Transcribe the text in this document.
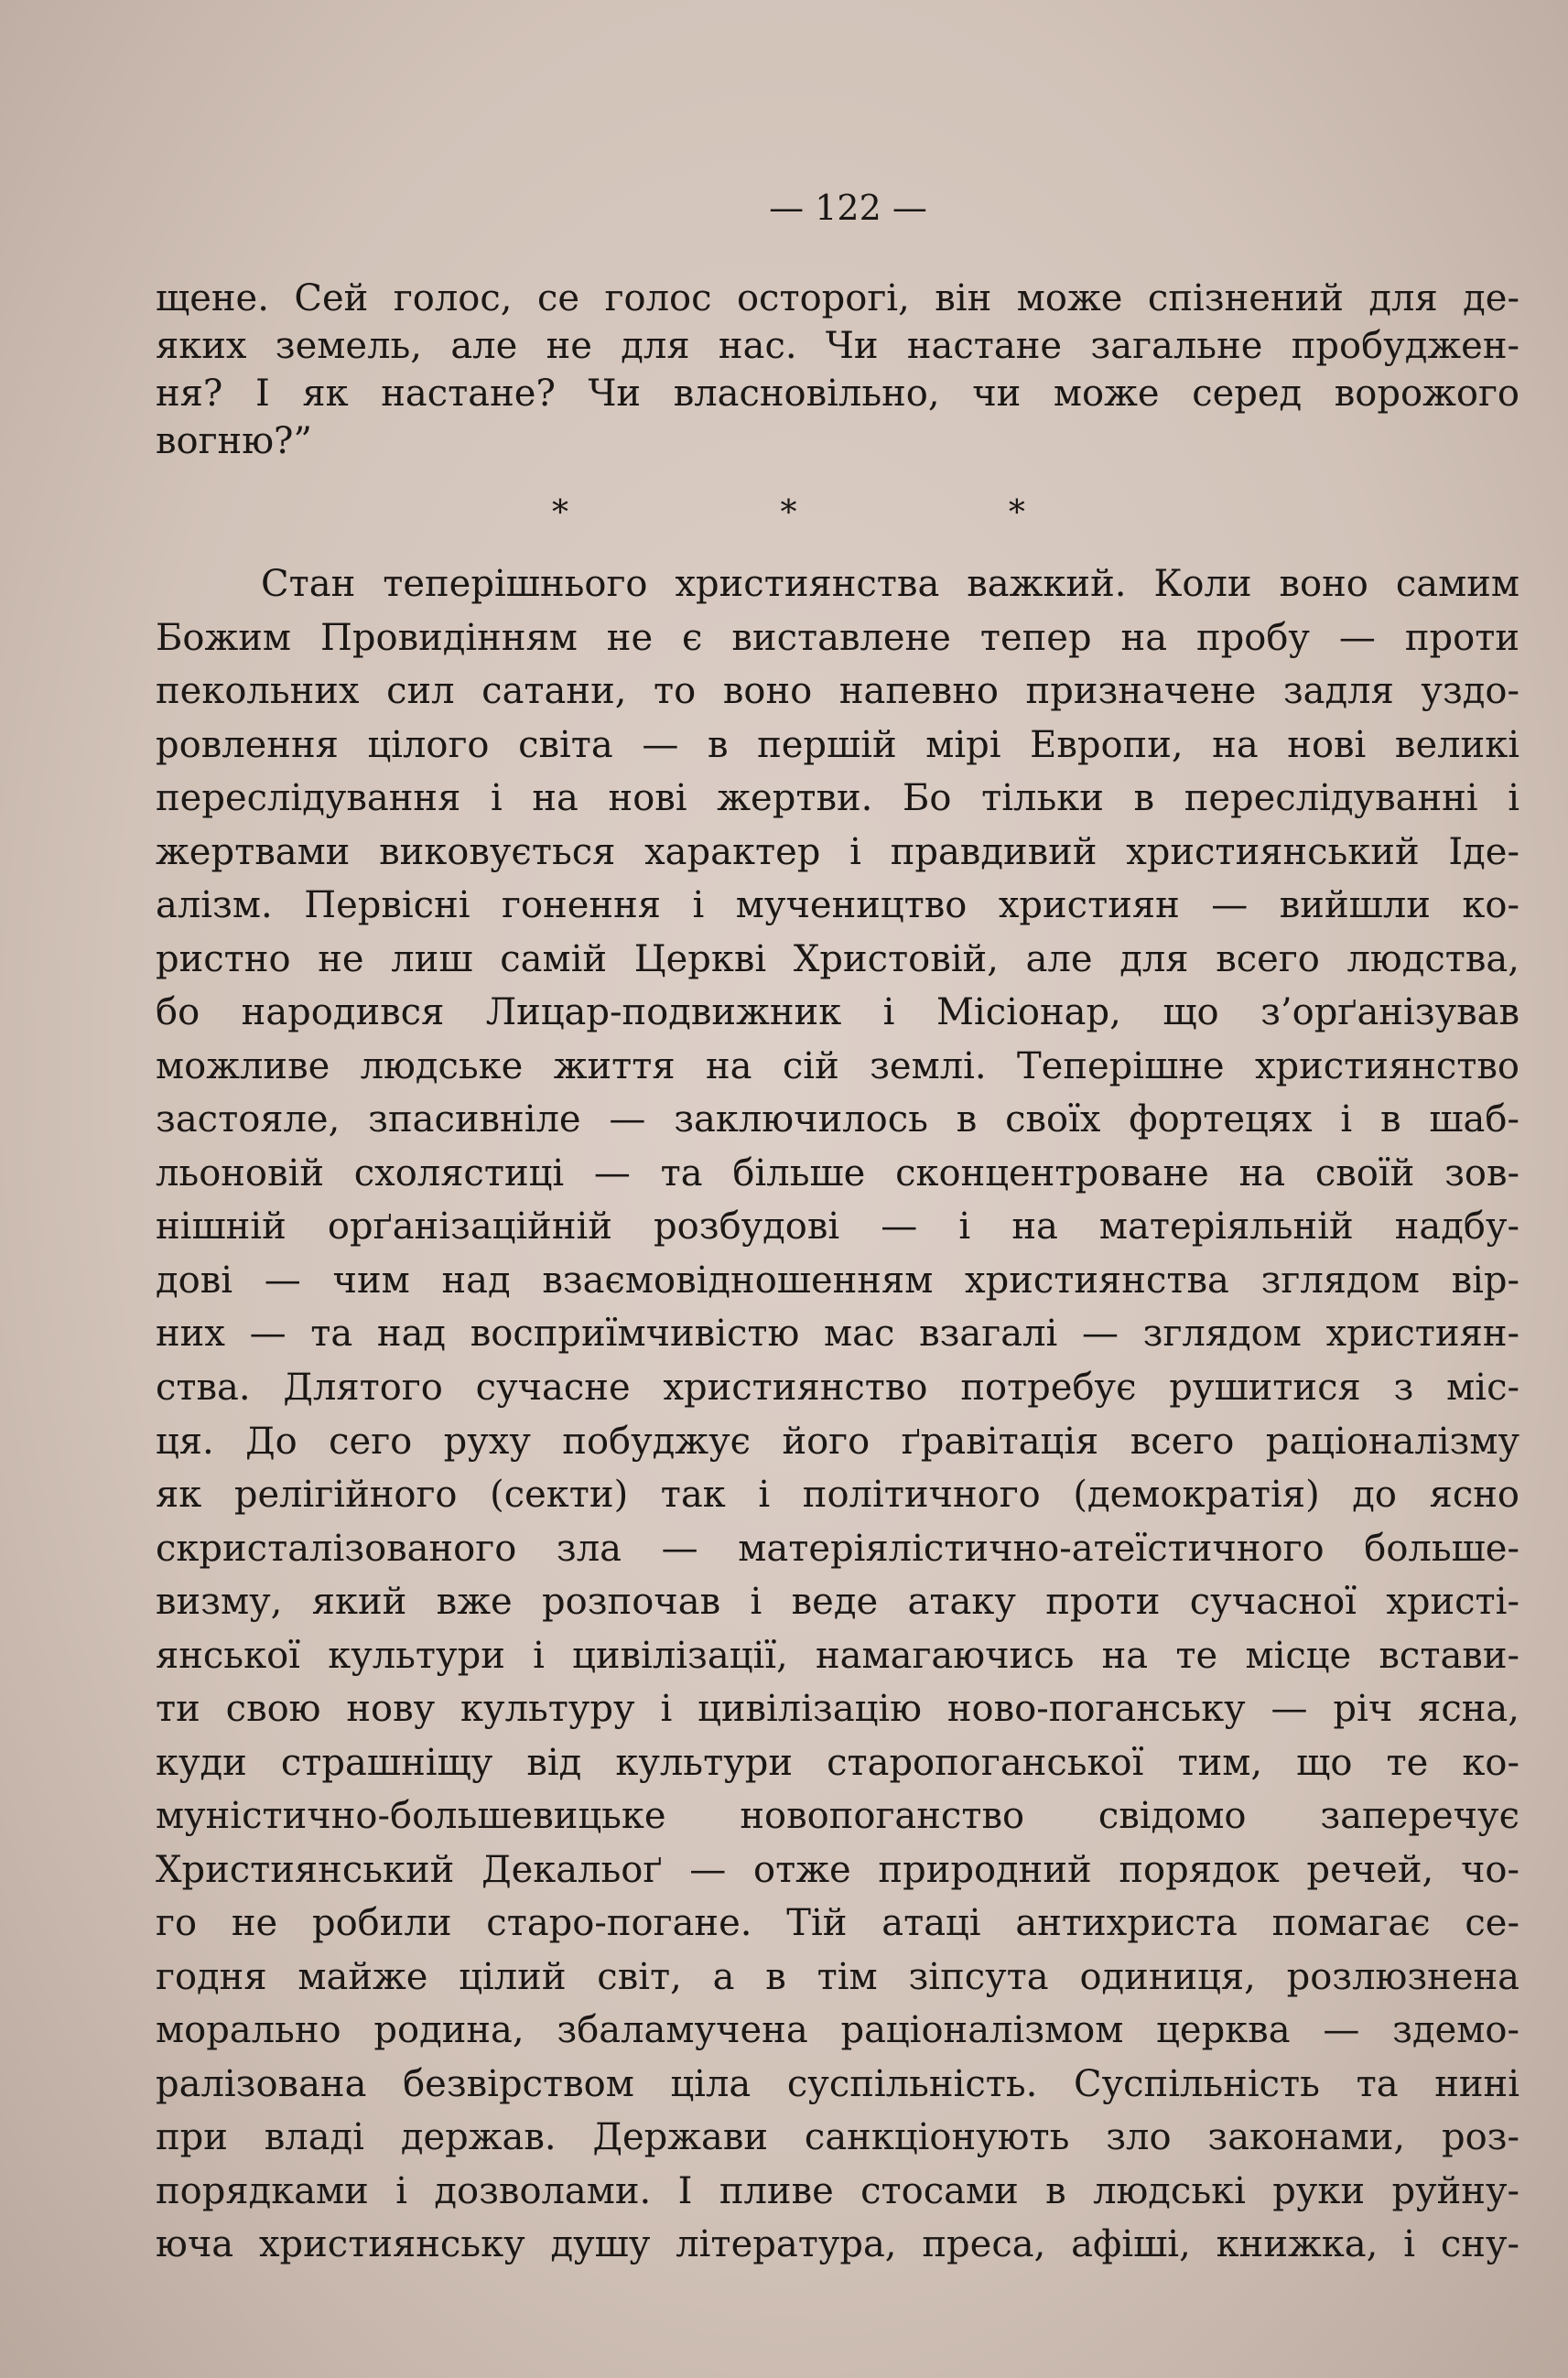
— 122 —
щене. Сей голос, се голос осторогі, він може спізнений для де-
яких земель, але не для нас. Чи настане загальне пробуджен-
ня? І як настане? Чи власновільно, чи може серед ворожого
вогню?”
* * *
Стан теперішнього християнства важкий. Коли воно самим
Божим Провидінням не є виставлене тепер на пробу — проти
пекольних сил сатани, то воно напевно призначене задля уздо-
ровлення цілого світа — в першій мірі Европи, на нові великі
переслідування і на нові жертви. Бо тільки в переслідуванні і
жертвами виковується характер і правдивий християнський Іде-
алізм. Первісні гонення і мучеництво християн — вийшли ко-
ристно не лиш самій Церкві Христовій, але для всего людства,
бо народився Лицар-подвижник і Місіонар, що з’орґанізував
можливе людське життя на сій землі. Теперішне християнство
застояле, зпасивніле — заключилось в своїх фортецях і в шаб-
льоновій схолястиці — та більше сконцентроване на своїй зов-
нішній орґанізаційній розбудові — і на матеріяльній надбу-
дові — чим над взаємовідношенням християнства зглядом вір-
них — та над восприїмчивістю мас взагалі — зглядом християн-
ства. Длятого сучасне християнство потребує рушитися з міс-
ця. До сего руху побуджує його ґравітація всего раціоналізму
як релігійного (секти) так і політичного (демократія) до ясно
скристалізованого зла — матеріялістично-атеїстичного больше-
визму, який вже розпочав і веде атаку проти сучасної христі-
янської культури і цивілізації, намагаючись на те місце встави-
ти свою нову культуру і цивілізацію ново-поганську — річ ясна,
куди страшніщу від культури старопоганської тим, що те ко-
муністично-большевицьке новопоганство свідомо заперечує
Християнський Декальоґ — отже природний порядок речей, чо-
го не робили старо-погане. Тій атаці антихриста помагає се-
годня майже цілий світ, а в тім зіпсута одиниця, розлюзнена
морально родина, збаламучена раціоналізмом церква — здемо-
ралізована безвірством ціла суспільність. Суспільність та нині
при владі держав. Держави санкціонують зло законами, роз-
порядками і дозволами. І пливе стосами в людські руки руйну-
юча християнську душу література, преса, афіші, книжка, і сну-
